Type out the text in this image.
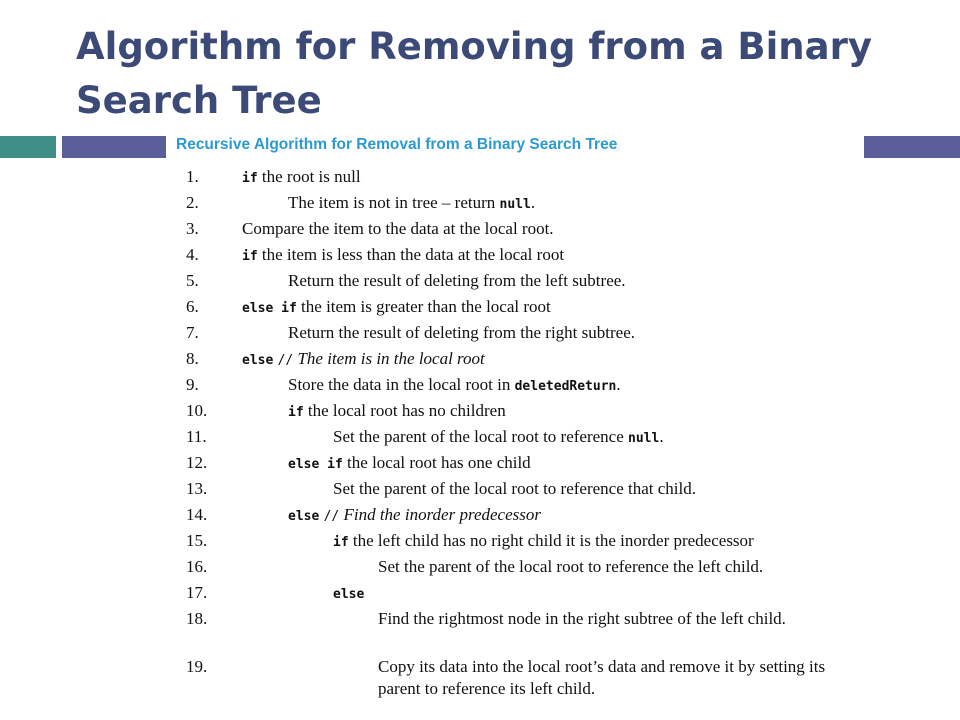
Algorithm for Removing from a Binary Search Tree
Recursive Algorithm for Removal from a Binary Search Tree
1.	if the root is null
2.	The item is not in tree – return null.
3.	Compare the item to the data at the local root.
4.	if the item is less than the data at the local root
5.	Return the result of deleting from the left subtree.
6.	else if the item is greater than the local root
7.	Return the result of deleting from the right subtree.
8.	else // The item is in the local root
9.	Store the data in the local root in deletedReturn.
10.	if the local root has no children
11.	Set the parent of the local root to reference null.
12.	else if the local root has one child
13.	Set the parent of the local root to reference that child.
14.	else // Find the inorder predecessor
15.	if the left child has no right child it is the inorder predecessor
16.	Set the parent of the local root to reference the left child.
17.	else
18.	Find the rightmost node in the right subtree of the left child.
19.	Copy its data into the local root’s data and remove it by setting its parent to reference its left child.
